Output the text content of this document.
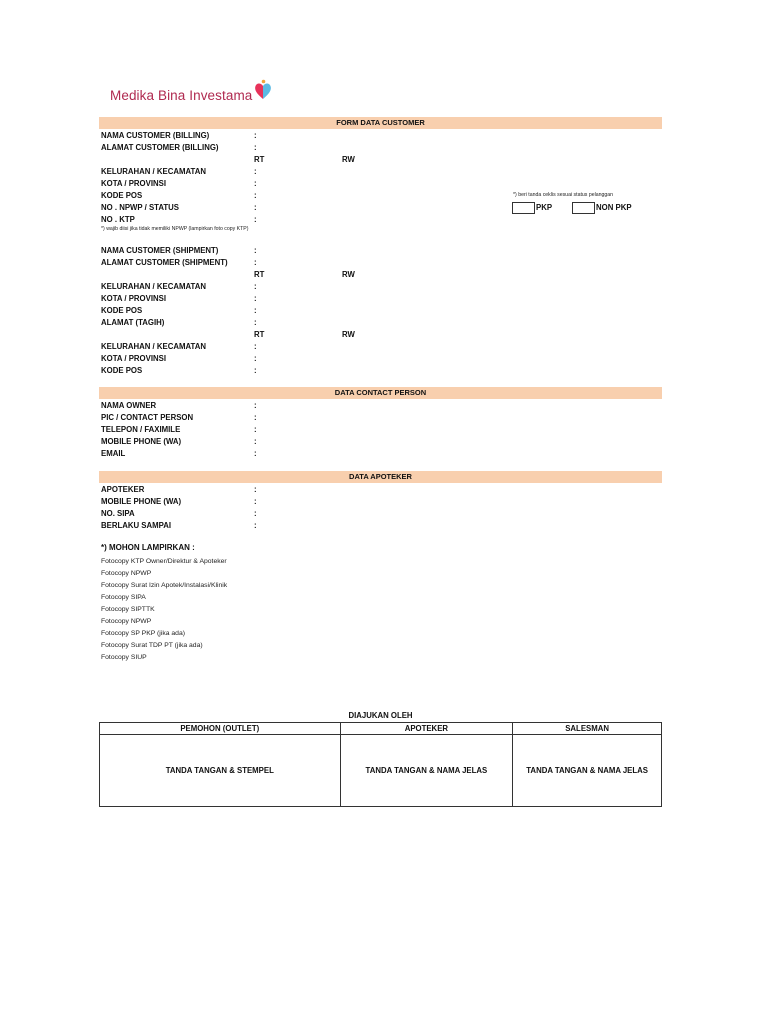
Medika Bina Investama
FORM DATA CUSTOMER
NAMA CUSTOMER (BILLING)	:
ALAMAT CUSTOMER (BILLING)	:
RT	RW
KELURAHAN / KECAMATAN	:
KOTA / PROVINSI	:
KODE POS	:
NO . NPWP / STATUS	:
NO . KTP	:
*) wajib diisi jika tidak memiliki NPWP (lampirkan foto copy KTP)
*) beri tanda ceklis sesuai status pelanggan
PKP	NON PKP
NAMA CUSTOMER (SHIPMENT)	:
ALAMAT CUSTOMER (SHIPMENT)	:
RT	RW
KELURAHAN / KECAMATAN	:
KOTA / PROVINSI	:
KODE POS	:
ALAMAT (TAGIH)	:
RT	RW
KELURAHAN / KECAMATAN	:
KOTA / PROVINSI	:
KODE POS	:
DATA CONTACT PERSON
NAMA OWNER	:
PIC / CONTACT PERSON	:
TELEPON / FAXIMILE	:
MOBILE PHONE (WA)	:
EMAIL	:
DATA APOTEKER
APOTEKER	:
MOBILE PHONE (WA)	:
NO. SIPA	:
BERLAKU SAMPAI	:
*) MOHON LAMPIRKAN :
Fotocopy KTP Owner/Direktur & Apoteker
Fotocopy NPWP
Fotocopy Surat Izin Apotek/Instalasi/Klinik
Fotocopy SIPA
Fotocopy SIPTTK
Fotocopy NPWP
Fotocopy SP PKP (jika ada)
Fotocopy Surat TDP PT (jika ada)
Fotocopy SIUP
DIAJUKAN OLEH
PEMOHON (OUTLET)	APOTEKER	SALESMAN
TANDA TANGAN & STEMPEL	TANDA TANGAN & NAMA JELAS	TANDA TANGAN & NAMA JELAS
